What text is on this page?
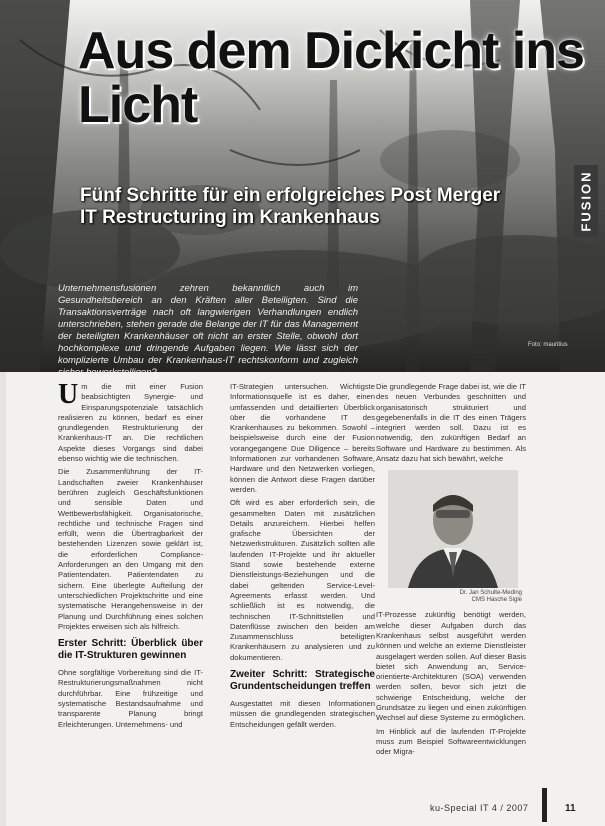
Aus dem Dickicht ins Licht
Fünf Schritte für ein erfolgreiches Post Merger IT Restructuring im Krankenhaus

Unternehmensfusionen zehren bekanntlich auch im Gesundheitsbereich an den Kräften aller Beteiligten. Sind die Transaktionsverträge nach oft langwierigen Verhandlungen endlich unterschrieben, stehen gerade die Belange der IT für das Management der beteiligten Krankenhäuser oft nicht an erster Stelle, obwohl dort hochkomplexe und dringende Aufgaben liegen. Wie lässt sich der komplizierte Umbau der Krankenhaus-IT rechtskonform und zugleich sicher bewerkstelligen?

Foto: mauritius
FUSION

Um die mit einer Fusion beabsichtigten Synergie- und Einsparungspotenziale tatsächlich realisieren zu können, bedarf es einer grundlegenden Restrukturierung der Krankenhaus-IT an. Die rechtlichen Aspekte dieses Vorgangs sind dabei ebenso wichtig wie die technischen.

Die Zusammenführung der IT-Landschaften zweier Krankenhäuser berühren zugleich Geschäftsfunktionen und sensible Daten und Wettbewerbsfähigkeit. Organisatorische, rechtliche und technische Fragen sind erfüllt, wenn die Übertragbarkeit der bestehenden Lizenzen sowie geklärt ist, die erforderlichen Compliance-Anforderungen an den Umgang mit den Patientendaten. Patientendaten zu sichern. Eine überlegte Aufteilung der unterschiedlichen Projektschritte und eine systematische Herangehensweise in der Planung und Durchführung eines solchen Projektes erweisen sich als hilfreich.

Erster Schritt: Überblick über die IT-Strukturen gewinnen

Ohne sorgfältige Vorbereitung sind die IT-Restrukturierungsmaßnahmen nicht durchführbar. Eine frühzeitige und systematische Bestandsaufnahme und transparente Planung bringt Erleichterungen. Unternehmens- und

IT-Strategien untersuchen. Wichtigste Informationsquelle ist es daher, einen umfassenden und detaillierten Überblick über die vorhandene IT des Krankenhauses zu bekommen. Sowohl – beispielsweise durch eine der Fusion vorangegangene Due Diligence – bereits Informationen zur vorhandenen Software, Hardware und den Netzwerken vorliegen, können die Antwort diese Fragen darüber werden.

Oft wird es aber erforderlich sein, die gesammelten Daten mit zusätzlichen Details anzureichern. Hierbei helfen grafische Übersichten der Netzwerkstrukturen. Zusätzlich sollten alle laufenden IT-Projekte und ihr aktueller Stand sowie bestehende externe Dienstleistungs-Beziehungen und die dabei geltenden Service-Level-Agreements erfasst werden. Und schließlich ist es notwendig, die technischen IT-Schnittstellen und Datenflüsse zwischen den beiden am Zusammenschluss beteiligten Krankenhäusern zu analysieren und zu dokumentieren.

Zweiter Schritt: Strategische Grundentscheidungen treffen

Ausgestattet mit diesen Informationen müssen die grundlegenden strategischen Entscheidungen gefällt werden.

Die grundlegende Frage dabei ist, wie die IT des neuen Verbundes geschnitten und organisatorisch strukturiert und gegebenenfalls in die IT des einen Trägers integriert werden soll. Dazu ist es notwendig, den zukünftigen Bedarf an Software und Hardware zu bestimmen. Als Ansatz dazu hat sich bewährt, welche

Dr. Jan Schulte-Meding
CMS Hasche Sigle

IT-Prozesse zukünftig benötigt werden, welche dieser Aufgaben durch das Krankenhaus selbst ausgeführt werden können und welche an externe Dienstleister ausgelagert werden sollen. Auf dieser Basis bietet sich Anwendung an, Service-orientierte-Architekturen (SOA) verwenden werden sollen, bevor sich jetzt die schwierige Entscheidung, welche der Grundsätze zu liegen und einen zukünftigen Wechsel auf diese Systeme zu ermöglichen.

Im Hinblick auf die laufenden IT-Projekte muss zum Beispiel Softwareentwicklungen oder Migra-

ku-Special IT 4 / 2007	11
